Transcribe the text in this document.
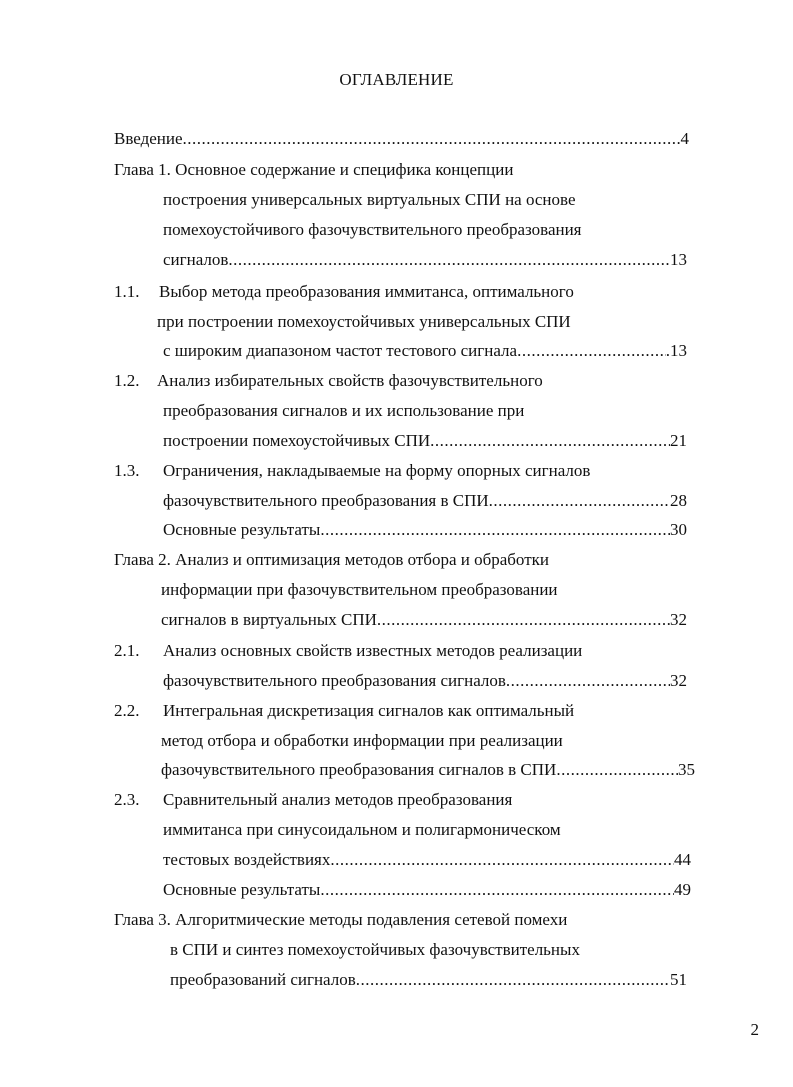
ОГЛАВЛЕНИЕ
Введение .....	4
Глава 1. Основное содержание и специфика концепции
построения универсальных виртуальных СПИ на основе
помехоустойчивого фазочувствительного преобразования
сигналов .....	13
1.1. Выбор метода преобразования иммитанса, оптимального
при построении помехоустойчивых универсальных СПИ
с широким диапазоном частот тестового сигнала .....	.13
1.2. Анализ избирательных свойств фазочувствительного
преобразования сигналов и их использование при
построении помехоустойчивых СПИ .....	21
1.3. Ограничения, накладываемые на форму опорных сигналов
фазочувствительного преобразования в СПИ .....	28
Основные результаты .....	30
Глава 2. Анализ и оптимизация методов отбора и обработки
информации при фазочувствительном преобразовании
сигналов в виртуальных СПИ .....	32
2.1. Анализ основных свойств известных методов реализации
фазочувствительного преобразования сигналов .....	32
2.2. Интегральная дискретизация сигналов как оптимальный
метод отбора и обработки информации при реализации
фазочувствительного преобразования сигналов в СПИ .....	35
2.3. Сравнительный анализ методов преобразования
иммитанса при синусоидальном и полигармоническом
тестовых воздействиях .....	44
Основные результаты .....	49
Глава 3. Алгоритмические методы подавления сетевой помехи
в СПИ и синтез помехоустойчивых фазочувствительных
преобразований сигналов .....	51
2
